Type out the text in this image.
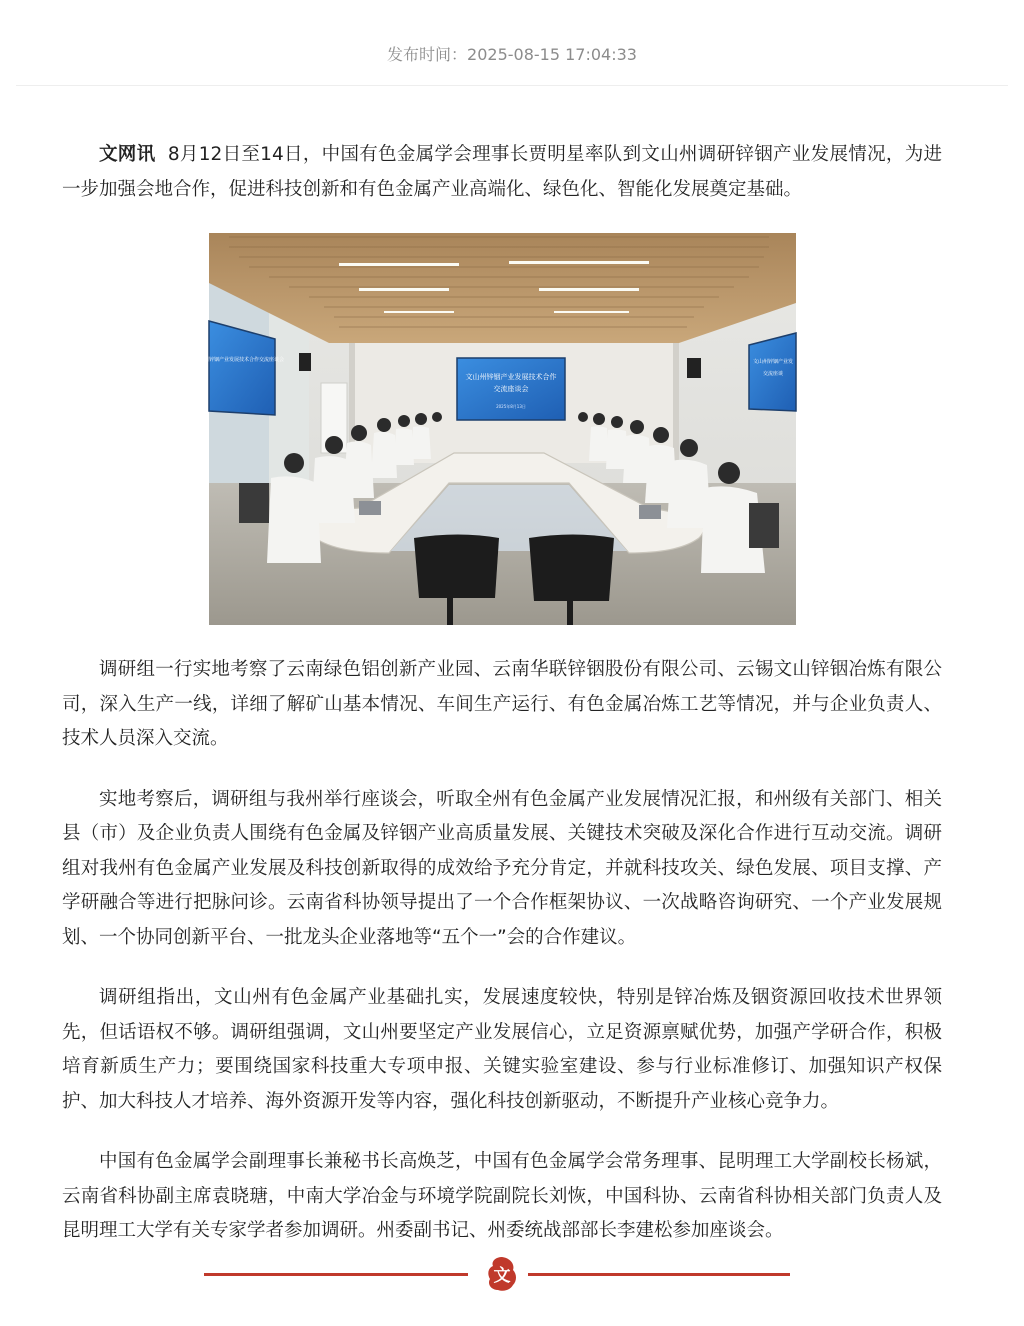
发布时间：2025-08-15 17:04:33

文网讯 8月12日至14日，中国有色金属学会理事长贾明星率队到文山州调研锌铟产业发展情况，为进一步加强会地合作，促进科技创新和有色金属产业高端化、绿色化、智能化发展奠定基础。

文山州锌铟产业发展技术合作
交流座谈会
2025年8月13日
文山州锌铟产业发展技术合作交流座谈会	文山州锌铟产业发
交流座谈

调研组一行实地考察了云南绿色铝创新产业园、云南华联锌铟股份有限公司、云锡文山锌铟冶炼有限公司，深入生产一线，详细了解矿山基本情况、车间生产运行、有色金属冶炼工艺等情况，并与企业负责人、技术人员深入交流。

实地考察后，调研组与我州举行座谈会，听取全州有色金属产业发展情况汇报，和州级有关部门、相关县（市）及企业负责人围绕有色金属及锌铟产业高质量发展、关键技术突破及深化合作进行互动交流。调研组对我州有色金属产业发展及科技创新取得的成效给予充分肯定，并就科技攻关、绿色发展、项目支撑、产学研融合等进行把脉问诊。云南省科协领导提出了一个合作框架协议、一次战略咨询研究、一个产业发展规划、一个协同创新平台、一批龙头企业落地等“五个一”会的合作建议。

调研组指出，文山州有色金属产业基础扎实，发展速度较快，特别是锌冶炼及铟资源回收技术世界领先，但话语权不够。调研组强调，文山州要坚定产业发展信心，立足资源禀赋优势，加强产学研合作，积极培育新质生产力；要围绕国家科技重大专项申报、关键实验室建设、参与行业标准修订、加强知识产权保护、加大科技人才培养、海外资源开发等内容，强化科技创新驱动，不断提升产业核心竞争力。

中国有色金属学会副理事长兼秘书长高焕芝，中国有色金属学会常务理事、昆明理工大学副校长杨斌，云南省科协副主席袁晓瑭，中南大学冶金与环境学院副院长刘恢，中国科协、云南省科协相关部门负责人及昆明理工大学有关专家学者参加调研。州委副书记、州委统战部部长李建松参加座谈会。

文
